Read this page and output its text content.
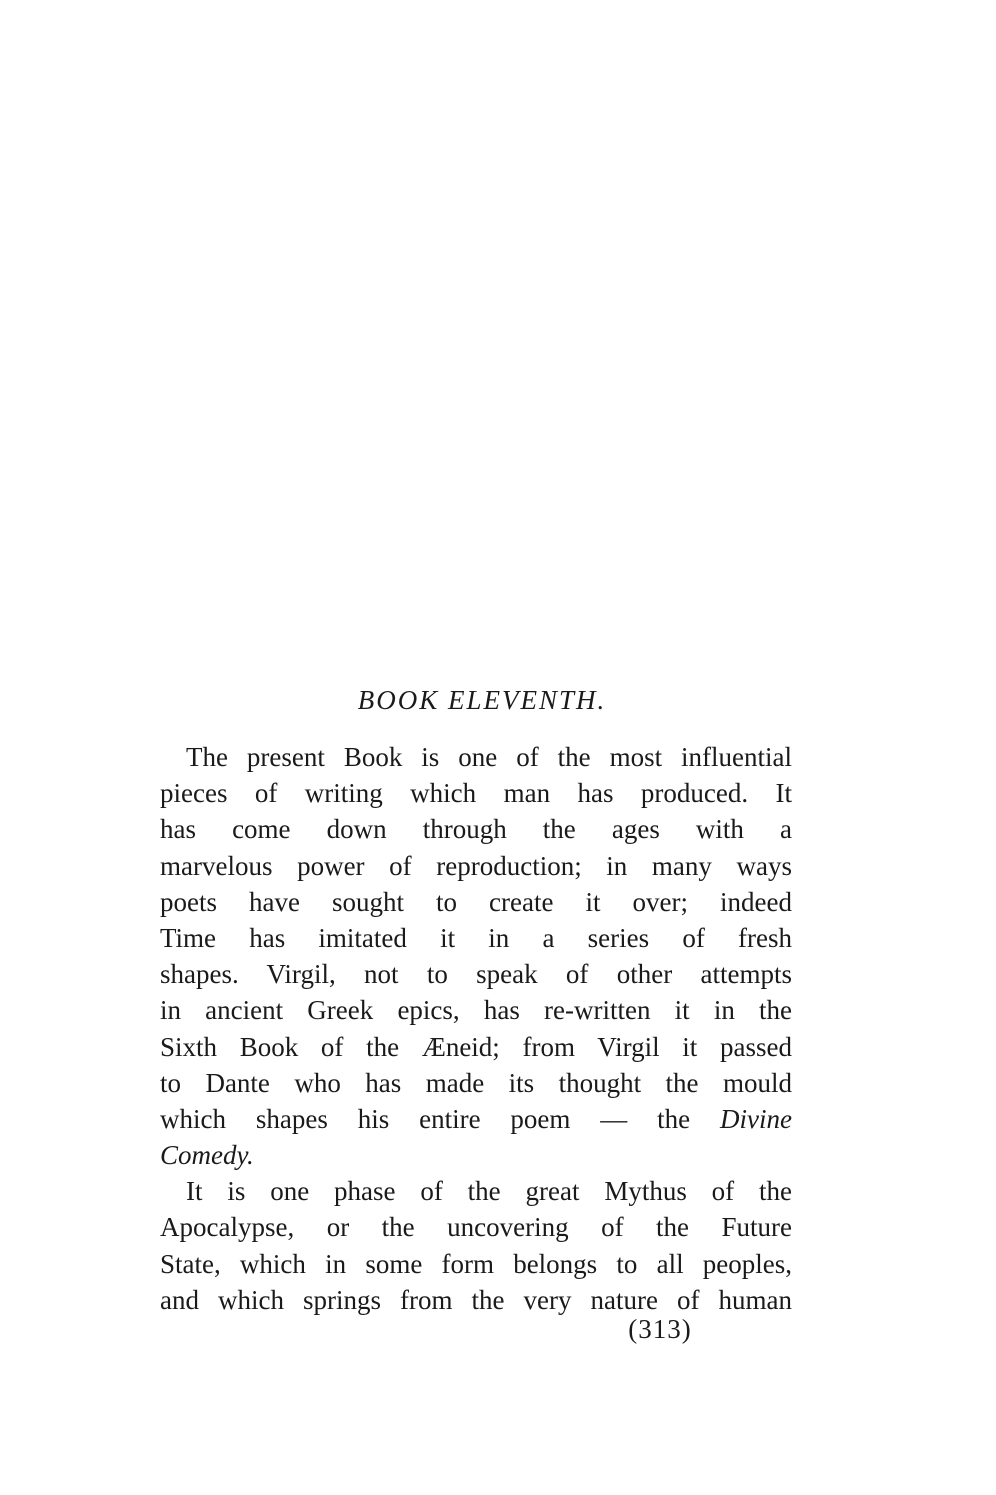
BOOK ELEVENTH.
The present Book is one of the most influential
pieces of writing which man has produced. It
has come down through the ages with a
marvelous power of reproduction; in many ways
poets have sought to create it over; indeed
Time has imitated it in a series of fresh
shapes. Virgil, not to speak of other attempts
in ancient Greek epics, has re-written it in the
Sixth Book of the Æneid; from Virgil it passed
to Dante who has made its thought the mould
which shapes his entire poem — the Divine
Comedy.
It is one phase of the great Mythus of the
Apocalypse, or the uncovering of the Future
State, which in some form belongs to all peoples,
and which springs from the very nature of human
(313)
